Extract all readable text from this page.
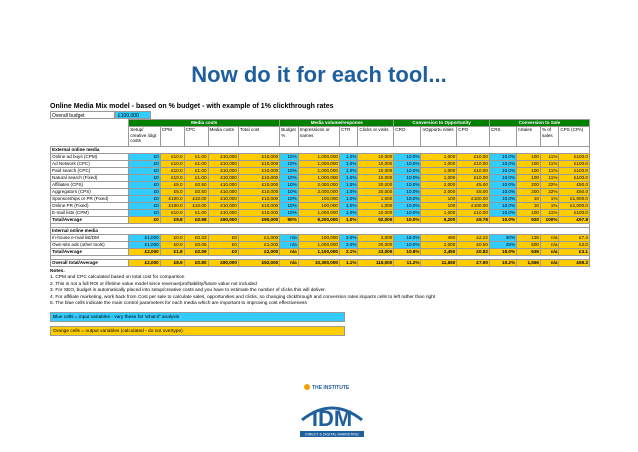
Now do it for each tool...
Online Media Mix model - based on % budget - with example of 1% clickthrough rates
Overall budget	£100,000
	Media costs					Media volume/response				Conversion to Opportunity			Conversion to Sale			
	Setup/ creative /digt costs	CPM	CPC	Media costs	Total cost	Budget %	Impressions or names	CTR	Clicks or visits	CRO	nOpportu nities	CPO	CRS	nSales	% of sales	CPS (CPA)
External online media																
Online ad buys (CPM)	£0	£10.0	£1.00	£10,000	£10,000	10%	1,000,000	1.0%	10,000	10.0%	1,000	£10.00	10.0%	100	11%	£100.0
Ad Network (CPC)	£0	£10.0	£1.00	£10,000	£10,000	10%	1,000,000	1.0%	10,000	10.0%	1,000	£10.00	10.0%	100	11%	£100.0
Paid search (CPC)	£0	£10.0	£1.00	£10,000	£10,000	10%	1,000,000	1.0%	10,000	10.0%	1,000	£10.00	10.0%	100	11%	£100.0
Natural search (Fixed)	£0	£10.0	£1.00	£10,000	£10,000	10%	1,000,000	1.0%	10,000	10.0%	1,000	£10.00	10.0%	100	11%	£100.0
Affiliates (CPS)	£0	£5.0	£0.50	£10,000	£10,000	10%	2,000,000	1.0%	20,000	10.0%	2,000	£5.00	10.0%	200	22%	£50.0
Aggregators (CPS)	£0	£5.0	£0.50	£10,000	£10,000	10%	2,000,000	1.0%	20,000	10.0%	2,000	£5.00	10.0%	200	22%	£50.0
Sponsorships or PR (Fixed)	£0	£100.0	£10.00	£10,000	£10,000	10%	100,000	1.0%	1,000	10.0%	100	£100.00	10.0%	10	1%	£1,000.0
Online PR (Fixed)	£0	£100.0	£10.00	£10,000	£10,000	10%	100,000	1.0%	1,000	10.0%	100	£100.00	10.0%	10	1%	£1,000.0
E-mail lists (CPM)	£0	£10.0	£1.00	£10,000	£10,000	10%	1,000,000	1.0%	10,000	10.0%	1,000	£10.00	10.0%	100	11%	£100.0
Total/Average	£0	£9.8	£0.98	£90,000	£90,000	90%	9,200,000	1.0%	92,000	10.0%	9,200	£9.78	10.0%	920	100%	£97.8

Internal online media																
In-house e-mail list/DM	£1,000	£0.0	£0.33	£0	£1,000	n/a	100,000	3.0%	3,000	15.0%	450	£2.22	30%	135	n/a	£7.4
Own-site ads (other tools)	£1,000	£0.0	£0.05	£0	£1,000	n/a	1,000,000	2.0%	20,000	10.0%	2,000	£0.50	25%	500	n/a	£2.0
Total/Average	£2,000	£1.8	£0.09	£0	£2,000	n/a	1,100,000	2.1%	23,000	10.8%	2,450	£0.82	15.0%	636	n/a	£3.1

Overall total/Average	£2,000	£8.9	£0.80	£90,000	£92,000	n/a	10,300,000	1.1%	115,000	11.2%	11,650	£7.90	10.2%	1,556	n/a	£59.2
Notes.
1. CPM and CPC calculated based on total cost for comparison
2. This is not a full ROI or lifetime value model since revenue/profitability/future value not included
3. For SEO, budget is automatically placed into setup/creative costs and you have to estimate the number of clicks this will deliver.
4. For affiliate marketing, work back from Cost per sale to calculate sales, opportunities and clicks, so changing clickthrough and conversion rates impacts cells to left rather than right
5. The blue cells indicate the main control parameters for each media which are important to improving cost effectiveness
Blue cells = input variables - vary these for 'what-if' analysis
Orange cells = output variables (calculated - do not overtype)
THE INSTITUTE
IDM
DIRECT & DIGITAL MARKETING
